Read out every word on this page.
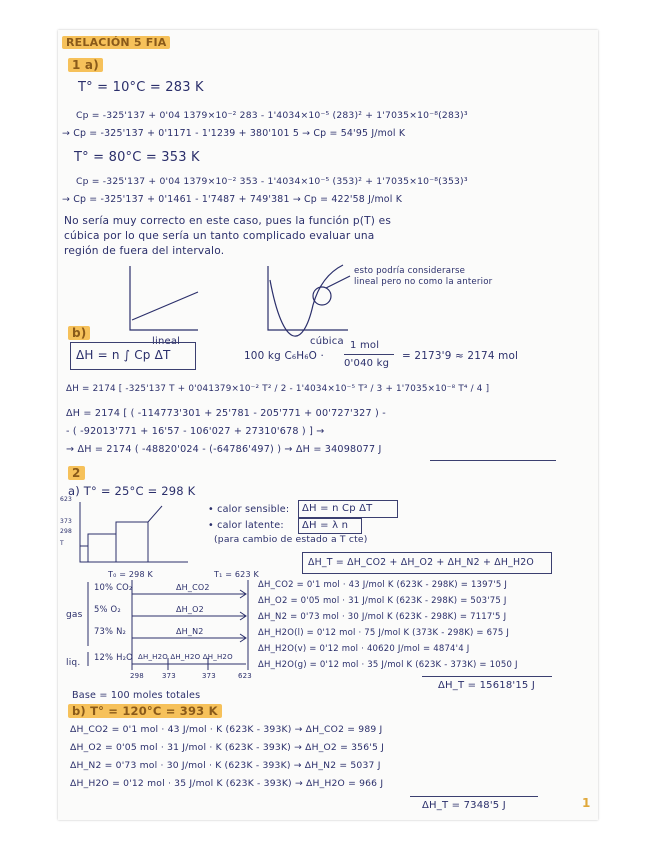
RELACIÓN 5 FIA
1 a)
T° = 10°C = 283 K
Cp = -325'137 + 0'04 1379×10⁻² 283 - 1'4034×10⁻⁵ (283)² + 1'7035×10⁻⁸(283)³
→ Cp = -325'137 + 0'1171 - 1'1239 + 380'101 5 → Cp = 54'95 J/mol K
T° = 80°C = 353 K
Cp = -325'137 + 0'04 1379×10⁻² 353 - 1'4034×10⁻⁵ (353)² + 1'7035×10⁻⁸(353)³
→ Cp = -325'137 + 0'1461 - 1'7487 + 749'381 → Cp = 422'58 J/mol K
No sería muy correcto en este caso, pues la función p(T) es
cúbica por lo que sería un tanto complicado evaluar una
región de fuera del intervalo.
lineal	cúbica
esto podría considerarse
lineal pero no como la anterior
b)
ΔH = n ∫ Cp ΔT	100 kg C₆H₆O ·
1 mol
0'040 kg
= 2173'9 ≈ 2174 mol
ΔH = 2174 [ -325'137 T + 0'041379×10⁻² T² / 2 - 1'4034×10⁻⁵ T³ / 3 + 1'7035×10⁻⁸ T⁴ / 4 ]
ΔH = 2174 [ ( -114773'301 + 25'781 - 205'771 + 00'727'327 ) -
- ( -92013'771 + 16'57 - 106'027 + 27310'678 ) ] →
→ ΔH = 2174 ( -48820'024 - (-64786'497) ) → ΔH = 34098077 J
2
a) T° = 25°C = 298 K
• calor sensible: ΔH = n Cp ΔT
• calor latente: ΔH = λ n
(para cambio de estado a T cte)
623
373
298
T
T₀ = 298 K	T₁ = 623 K
gas
liq.
10% CO₂
5% O₂
73% N₂
12% H₂O
ΔH_CO2
ΔH_O2
ΔH_N2
ΔH_H2O ΔH_H2O ΔH_H2O
298	373	373	623
Base = 100 moles totales
ΔH_T = ΔH_CO2 + ΔH_O2 + ΔH_N2 + ΔH_H2O
ΔH_CO2 = 0'1 mol · 43 J/mol K (623K - 298K) = 1397'5 J
ΔH_O2 = 0'05 mol · 31 J/mol K (623K - 298K) = 503'75 J
ΔH_N2 = 0'73 mol · 30 J/mol K (623K - 298K) = 7117'5 J
ΔH_H2O(l) = 0'12 mol · 75 J/mol K (373K - 298K) = 675 J
ΔH_H2O(v) = 0'12 mol · 40620 J/mol = 4874'4 J
ΔH_H2O(g) = 0'12 mol · 35 J/mol K (623K - 373K) = 1050 J
ΔH_T = 15618'15 J
b) T° = 120°C = 393 K
ΔH_CO2 = 0'1 mol · 43 J/mol · K (623K - 393K) → ΔH_CO2 = 989 J
ΔH_O2 = 0'05 mol · 31 J/mol · K (623K - 393K) → ΔH_O2 = 356'5 J
ΔH_N2 = 0'73 mol · 30 J/mol · K (623K - 393K) → ΔH_N2 = 5037 J
ΔH_H2O = 0'12 mol · 35 J/mol K (623K - 393K) → ΔH_H2O = 966 J
ΔH_T = 7348'5 J	1
